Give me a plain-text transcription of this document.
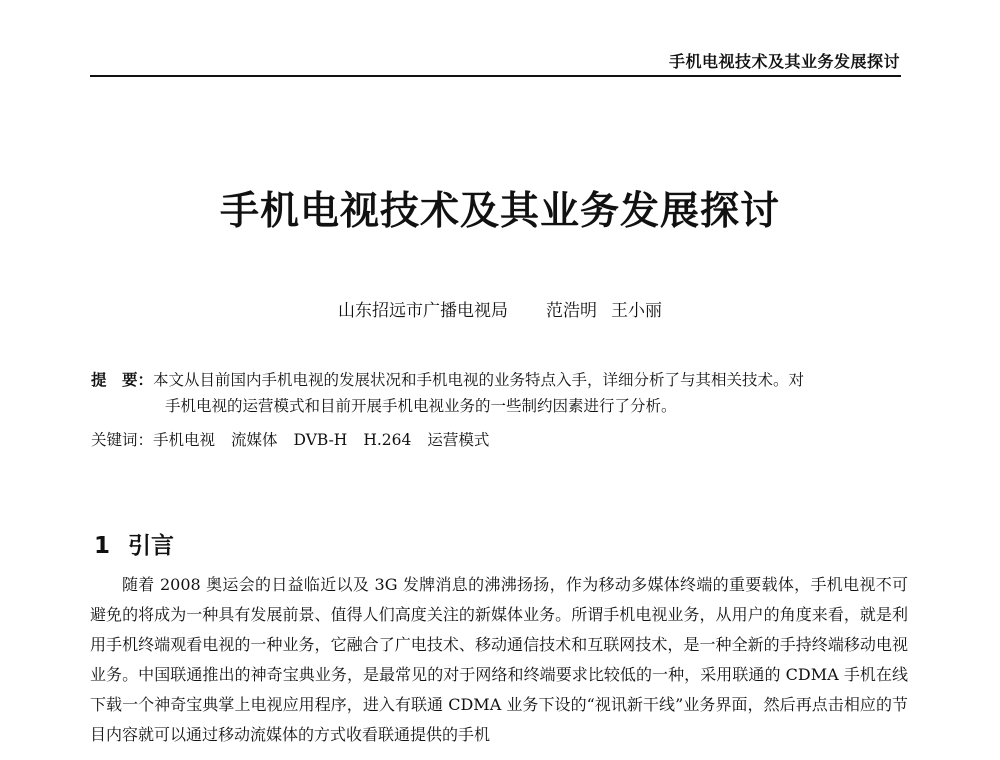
手机电视技术及其业务发展探讨
手机电视技术及其业务发展探讨
山东招远市广播电视局 范浩明 王小丽
提　要：本文从目前国内手机电视的发展状况和手机电视的业务特点入手，详细分析了与其相关技术。对
手机电视的运营模式和目前开展手机电视业务的一些制约因素进行了分析。
关键词：手机电视 流媒体 DVB-H H.264 运营模式
1 引言

随着 2008 奥运会的日益临近以及 3G 发牌消息的沸沸扬扬，作为移动多媒体终端的重要载体，手机电视不可避免的将成为一种具有发展前景、值得人们高度关注的新媒体业务。所谓手机电视业务，从用户的角度来看，就是利用手机终端观看电视的一种业务，它融合了广电技术、移动通信技术和互联网技术，是一种全新的手持终端移动电视业务。中国联通推出的神奇宝典业务，是最常见的对于网络和终端要求比较低的一种，采用联通的 CDMA 手机在线下载一个神奇宝典掌上电视应用程序，进入有联通 CDMA 业务下设的“视讯新干线”业务界面，然后再点击相应的节目内容就可以通过移动流媒体的方式收看联通提供的手机
